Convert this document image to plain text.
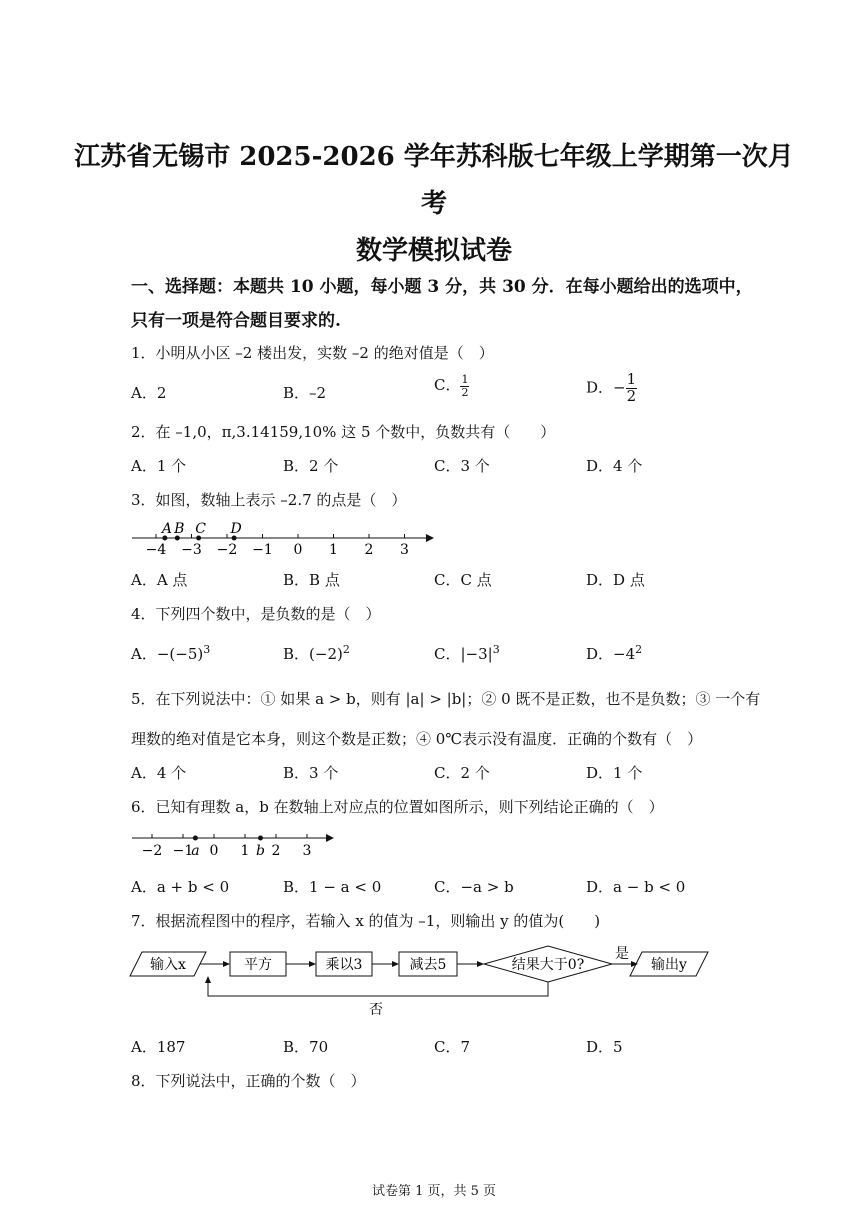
江苏省无锡市 2025-2026 学年苏科版七年级上学期第一次月
考
数学模拟试卷
一、选择题：本题共 10 小题，每小题 3 分，共 30 分．在每小题给出的选项中，
只有一项是符合题目要求的.
1．小明从小区 –2 楼出发，实数 –2 的绝对值是（　）
A．2	B．–2	C． $\frac{1}{2}$	D．− $\frac{1}{2}$
2．在 –1,0，π,3.14159,10% 这 5 个数中，负数共有（　　）
A．1 个	B．2 个	C．3 个	D．4 个
3．如图，数轴上表示 –2.7 的点是（　）
−4 −3 −2 −1 0 1 2 3
A B C D
A．A 点	B．B 点	C．C 点	D．D 点
4．下列四个数中，是负数的是（　）
A．$-(-5)^3$	B．$(-2)^2$	C．$|-3|^3$	D．$-4^2$
5．在下列说法中：① 如果 a > b，则有 |a| > |b|；② 0 既不是正数，也不是负数；③ 一个有
理数的绝对值是它本身，则这个数是正数；④ 0℃表示没有温度．正确的个数有（　）
A．4 个	B．3 个	C．2 个	D．1 个
6．已知有理数 a，b 在数轴上对应点的位置如图所示，则下列结论正确的（　）
−2 −1 0 1 2 3
a	b
A．a + b < 0	B．1 − a < 0	C．−a > b	D．a − b < 0
7．根据流程图中的程序，若输入 x 的值为 –1，则输出 y 的值为(　　)
输入x	平方	乘以3	减去5	结果大于0?
是
输出y
否
A．187	B．70	C．7	D．5
8．下列说法中，正确的个数（　）
试卷第 1 页，共 5 页
